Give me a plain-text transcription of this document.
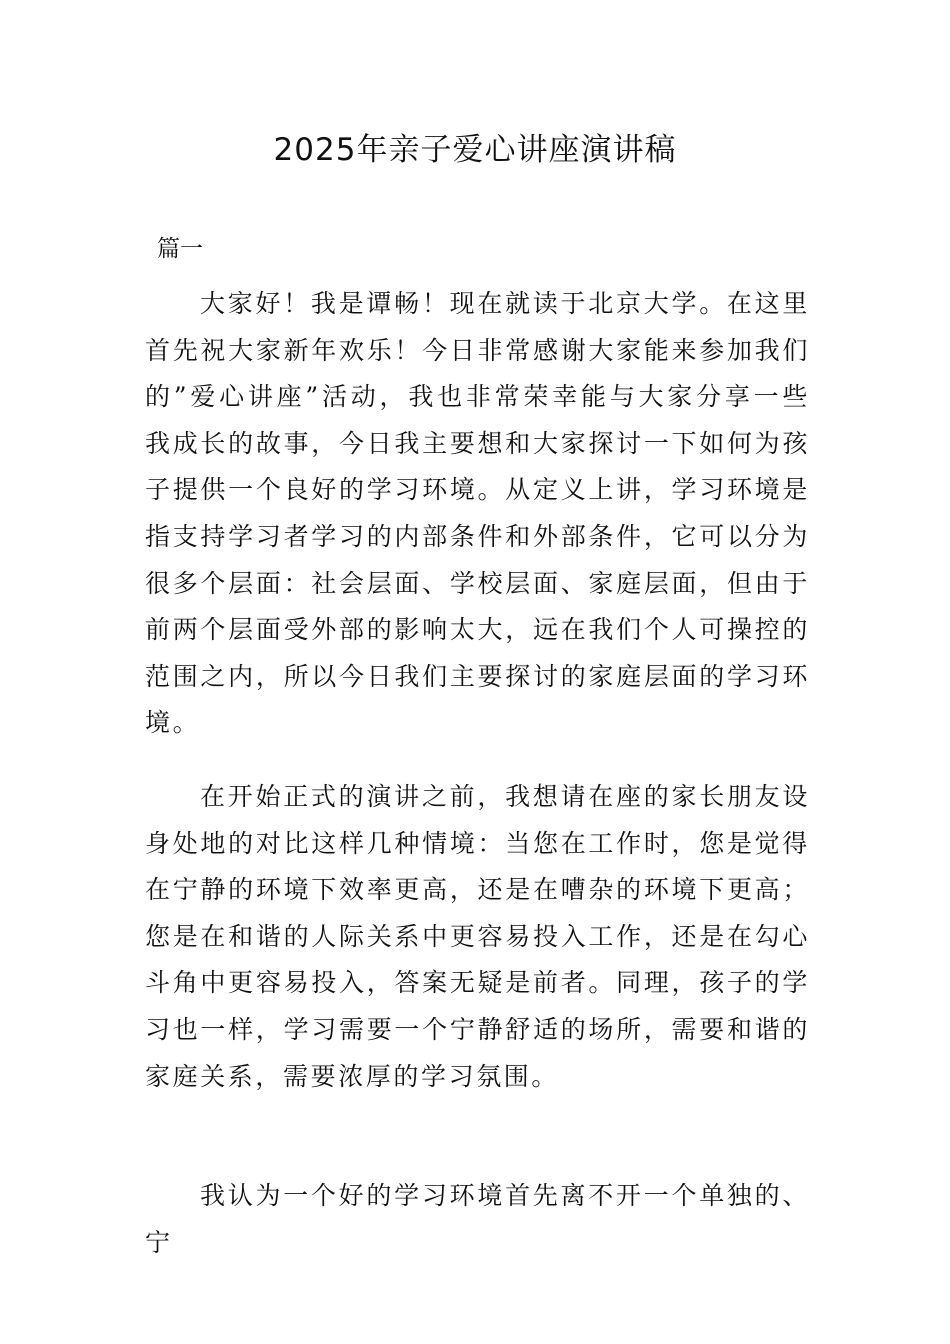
2025年亲子爱心讲座演讲稿
篇一

大家好！我是谭畅！现在就读于北京大学。在这里首先祝大家新年欢乐！今日非常感谢大家能来参加我们的”爱心讲座”活动，我也非常荣幸能与大家分享一些我成长的故事，今日我主要想和大家探讨一下如何为孩子提供一个良好的学习环境。从定义上讲，学习环境是指支持学习者学习的内部条件和外部条件，它可以分为很多个层面：社会层面、学校层面、家庭层面，但由于前两个层面受外部的影响太大，远在我们个人可操控的范围之内，所以今日我们主要探讨的家庭层面的学习环境。

在开始正式的演讲之前，我想请在座的家长朋友设身处地的对比这样几种情境：当您在工作时，您是觉得在宁静的环境下效率更高，还是在嘈杂的环境下更高；您是在和谐的人际关系中更容易投入工作，还是在勾心斗角中更容易投入，答案无疑是前者。同理，孩子的学习也一样，学习需要一个宁静舒适的场所，需要和谐的家庭关系，需要浓厚的学习氛围。

我认为一个好的学习环境首先离不开一个单独的、宁
